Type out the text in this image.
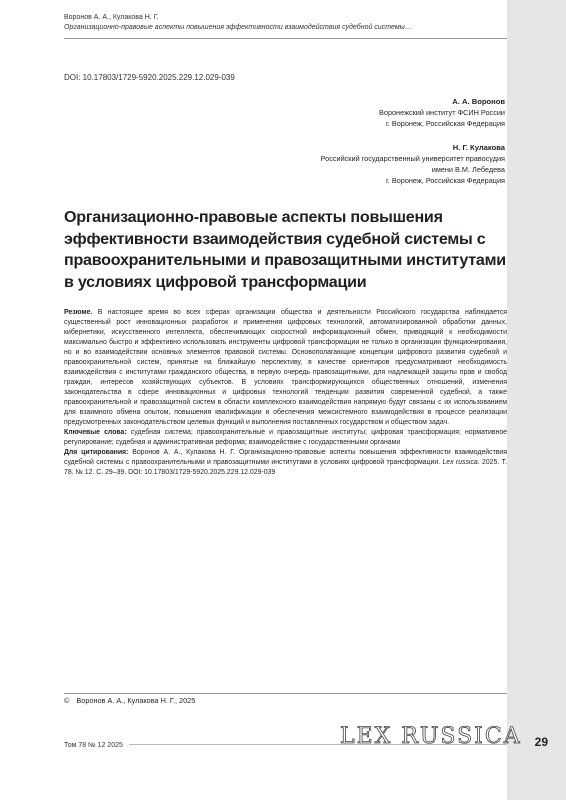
Воронов А. А., Кулакова Н. Г.
Организационно-правовые аспекты повышения эффективности взаимодействия судебной системы…
DOI: 10.17803/1729-5920.2025.229.12.029-039
А. А. Воронов
Воронежский институт ФСИН России
г. Воронеж, Российская Федерация
Н. Г. Кулакова
Российский государственный университет правосудия
имени В.М. Лебедева
г. Воронеж, Российская Федерация
Организационно-правовые аспекты повышения эффективности взаимодействия судебной системы с правоохранительными и правозащитными институтами в условиях цифровой трансформации

Резюме. В настоящее время во всех сферах организации общества и деятельности Российского государства наблюдается существенный рост инновационных разработок и применения цифровых технологий, автоматизированной обработки данных, кибернетики, искусственного интеллекта, обеспечивающих скоростной информационный обмен, приводящий к необходимости максимально быстро и эффективно использовать инструменты цифровой трансформации не только в организации функционирования, но и во взаимодействии основных элементов правовой системы. Основополагающие концепции цифрового развития судебной и правоохранительной систем, принятые на ближайшую перспективу, в качестве ориентиров предусматривают необходимость взаимодействия с институтами гражданского общества, в первую очередь правозащитными, для надлежащей защиты прав и свобод граждан, интересов хозяйствующих субъектов. В условиях трансформирующихся общественных отношений, изменения законодательства в сфере инновационных и цифровых технологий тенденции развития современной судебной, а также правоохранительной и правозащитной систем в области комплексного взаимодействия напрямую будут связаны с их использованием для взаимного обмена опытом, повышения квалификации и обеспечения межсистемного взаимодействия в процессе реализации предусмотренных законодательством целевых функций и выполнения поставленных государством и обществом задач.

Ключевые слова: судебная система; правоохранительные и правозащитные институты; цифровая трансформация; нормативное регулирование; судебная и административная реформа; взаимодействие с государственными органами

Для цитирования: Воронов А. А., Кулакова Н. Г. Организационно-правовые аспекты повышения эффективности взаимодействия судебной системы с правоохранительными и правозащитными институтами в условиях цифровой трансформации. Lex russica. 2025. Т. 78. № 12. С. 29–39. DOI: 10.17803/1729-5920.2025.229.12.029-039

© Воронов А. А., Кулакова Н. Г., 2025
Том 78 № 12 2025	LEX RUSSICA 29
